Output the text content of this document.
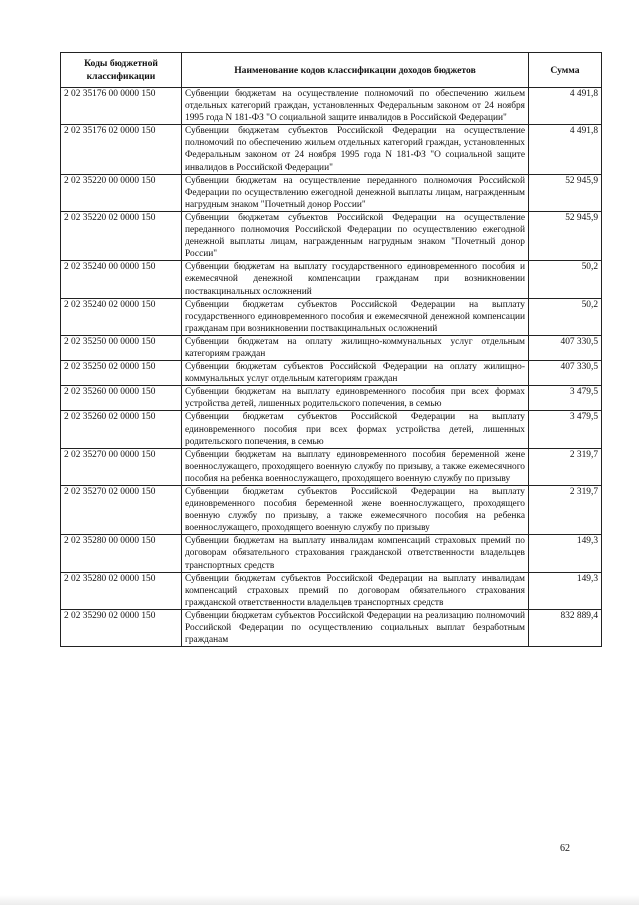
Коды бюджетной классификации	Наименование кодов классификации доходов бюджетов	Сумма
2 02 35176 00 0000 150	Субвенции бюджетам на осуществление полномочий по обеспечению жильем отдельных категорий граждан, установленных Федеральным законом от 24 ноября 1995 года N 181-ФЗ "О социальной защите инвалидов в Российской Федерации"	4 491,8
2 02 35176 02 0000 150	Субвенции бюджетам субъектов Российской Федерации на осуществление полномочий по обеспечению жильем отдельных категорий граждан, установленных Федеральным законом от 24 ноября 1995 года N 181-ФЗ "О социальной защите инвалидов в Российской Федерации"	4 491,8
2 02 35220 00 0000 150	Субвенции бюджетам на осуществление переданного полномочия Российской Федерации по осуществлению ежегодной денежной выплаты лицам, награжденным нагрудным знаком "Почетный донор России"	52 945,9
2 02 35220 02 0000 150	Субвенции бюджетам субъектов Российской Федерации на осуществление переданного полномочия Российской Федерации по осуществлению ежегодной денежной выплаты лицам, награжденным нагрудным знаком "Почетный донор России"	52 945,9
2 02 35240 00 0000 150	Субвенции бюджетам на выплату государственного единовременного пособия и ежемесячной денежной компенсации гражданам при возникновении поствакцинальных осложнений	50,2
2 02 35240 02 0000 150	Субвенции бюджетам субъектов Российской Федерации на выплату государственного единовременного пособия и ежемесячной денежной компенсации гражданам при возникновении поствакцинальных осложнений	50,2
2 02 35250 00 0000 150	Субвенции бюджетам на оплату жилищно-коммунальных услуг отдельным категориям граждан	407 330,5
2 02 35250 02 0000 150	Субвенции бюджетам субъектов Российской Федерации на оплату жилищно-коммунальных услуг отдельным категориям граждан	407 330,5
2 02 35260 00 0000 150	Субвенции бюджетам на выплату единовременного пособия при всех формах устройства детей, лишенных родительского попечения, в семью	3 479,5
2 02 35260 02 0000 150	Субвенции бюджетам субъектов Российской Федерации на выплату единовременного пособия при всех формах устройства детей, лишенных родительского попечения, в семью	3 479,5
2 02 35270 00 0000 150	Субвенции бюджетам на выплату единовременного пособия беременной жене военнослужащего, проходящего военную службу по призыву, а также ежемесячного пособия на ребенка военнослужащего, проходящего военную службу по призыву	2 319,7
2 02 35270 02 0000 150	Субвенции бюджетам субъектов Российской Федерации на выплату единовременного пособия беременной жене военнослужащего, проходящего военную службу по призыву, а также ежемесячного пособия на ребенка военнослужащего, проходящего военную службу по призыву	2 319,7
2 02 35280 00 0000 150	Субвенции бюджетам на выплату инвалидам компенсаций страховых премий по договорам обязательного страхования гражданской ответственности владельцев транспортных средств	149,3
2 02 35280 02 0000 150	Субвенции бюджетам субъектов Российской Федерации на выплату инвалидам компенсаций страховых премий по договорам обязательного страхования гражданской ответственности владельцев транспортных средств	149,3
2 02 35290 02 0000 150	Субвенции бюджетам субъектов Российской Федерации на реализацию полномочий Российской Федерации по осуществлению социальных выплат безработным гражданам	832 889,4
62
